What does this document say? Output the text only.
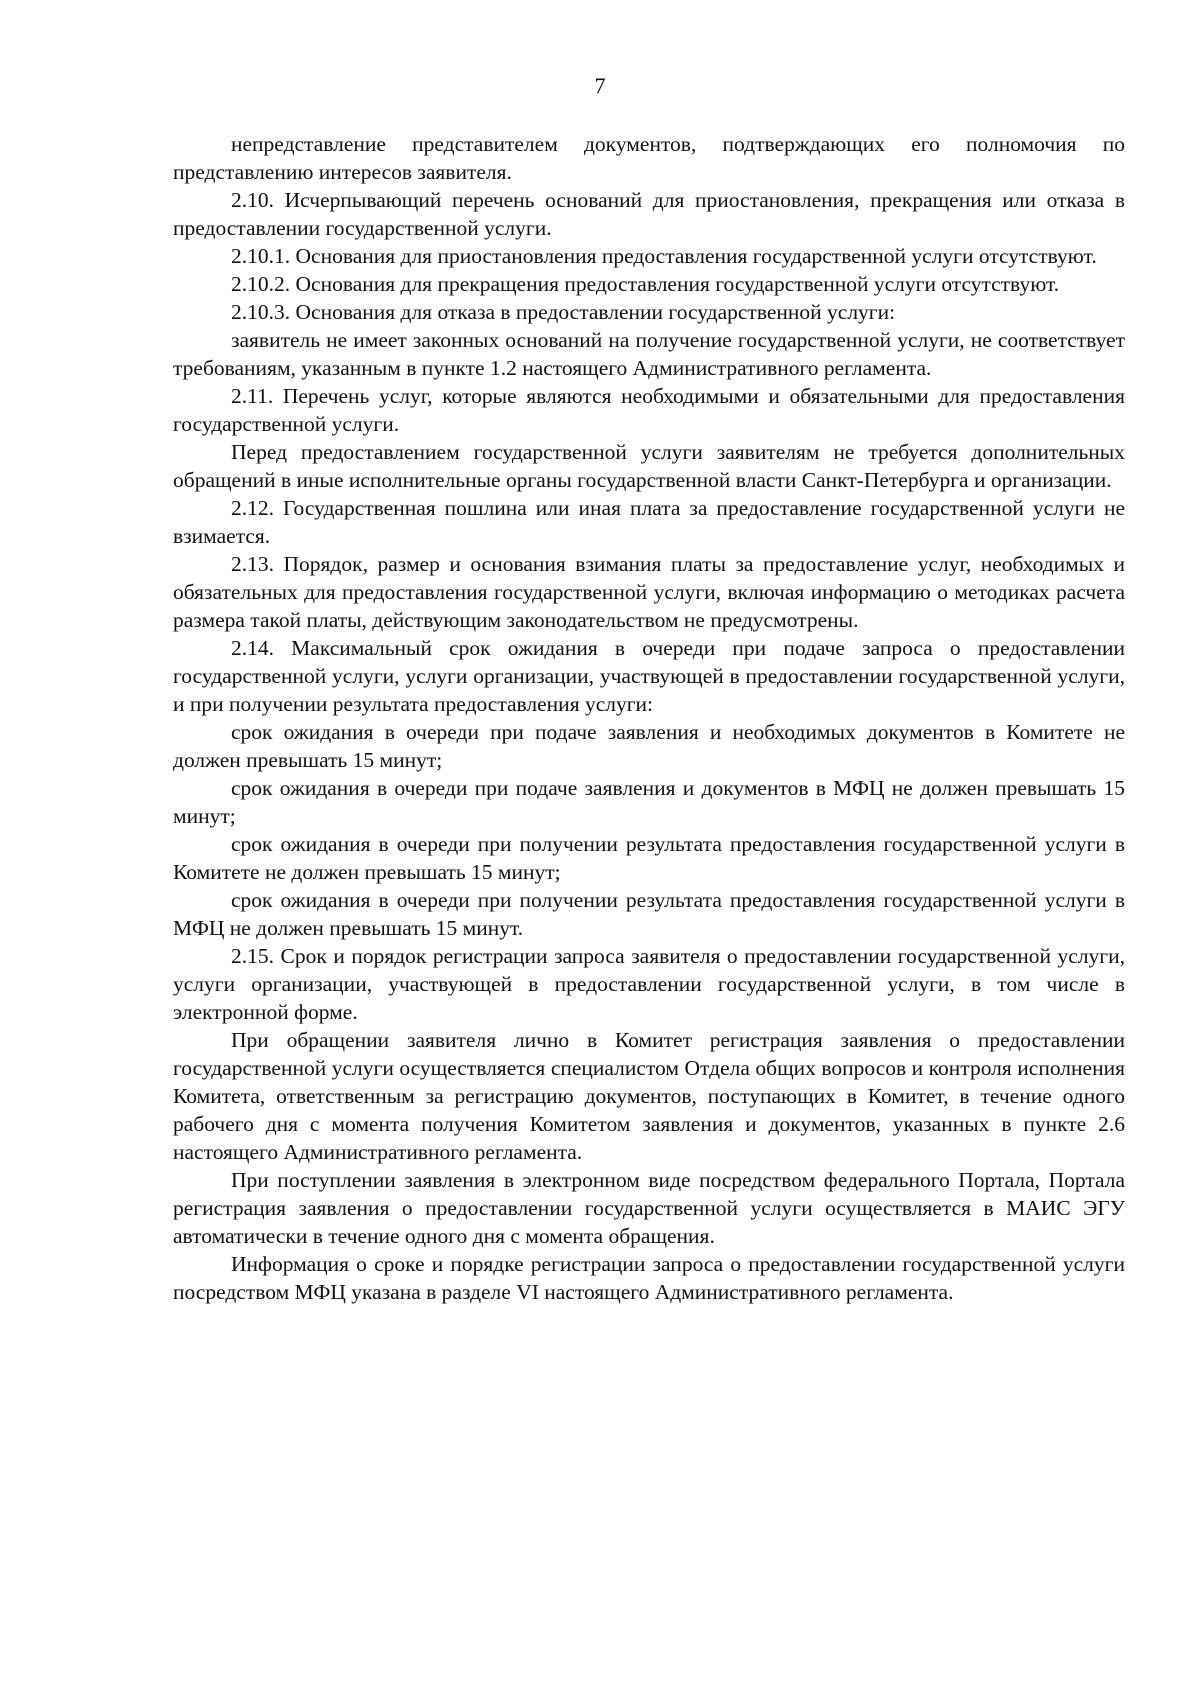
7

непредставление представителем документов, подтверждающих его полномочия по представлению интересов заявителя.

2.10. Исчерпывающий перечень оснований для приостановления, прекращения или отказа в предоставлении государственной услуги.

2.10.1. Основания для приостановления предоставления государственной услуги отсутствуют.

2.10.2. Основания для прекращения предоставления государственной услуги отсутствуют.

2.10.3. Основания для отказа в предоставлении государственной услуги:

заявитель не имеет законных оснований на получение государственной услуги, не соответствует требованиям, указанным в пункте 1.2 настоящего Административного регламента.

2.11. Перечень услуг, которые являются необходимыми и обязательными для предоставления государственной услуги.

Перед предоставлением государственной услуги заявителям не требуется дополнительных обращений в иные исполнительные органы государственной власти Санкт-Петербурга и организации.

2.12. Государственная пошлина или иная плата за предоставление государственной услуги не взимается.

2.13. Порядок, размер и основания взимания платы за предоставление услуг, необходимых и обязательных для предоставления государственной услуги, включая информацию о методиках расчета размера такой платы, действующим законодательством не предусмотрены.

2.14. Максимальный срок ожидания в очереди при подаче запроса о предоставлении государственной услуги, услуги организации, участвующей в предоставлении государственной услуги, и при получении результата предоставления услуги:

срок ожидания в очереди при подаче заявления и необходимых документов в Комитете не должен превышать 15 минут;

срок ожидания в очереди при подаче заявления и документов в МФЦ не должен превышать 15 минут;

срок ожидания в очереди при получении результата предоставления государственной услуги в Комитете не должен превышать 15 минут;

срок ожидания в очереди при получении результата предоставления государственной услуги в МФЦ не должен превышать 15 минут.

2.15. Срок и порядок регистрации запроса заявителя о предоставлении государственной услуги, услуги организации, участвующей в предоставлении государственной услуги, в том числе в электронной форме.

При обращении заявителя лично в Комитет регистрация заявления о предоставлении государственной услуги осуществляется специалистом Отдела общих вопросов и контроля исполнения Комитета, ответственным за регистрацию документов, поступающих в Комитет, в течение одного рабочего дня с момента получения Комитетом заявления и документов, указанных в пункте 2.6 настоящего Административного регламента.

При поступлении заявления в электронном виде посредством федерального Портала, Портала регистрация заявления о предоставлении государственной услуги осуществляется в МАИС ЭГУ автоматически в течение одного дня с момента обращения.

Информация о сроке и порядке регистрации запроса о предоставлении государственной услуги посредством МФЦ указана в разделе VI настоящего Административного регламента.
